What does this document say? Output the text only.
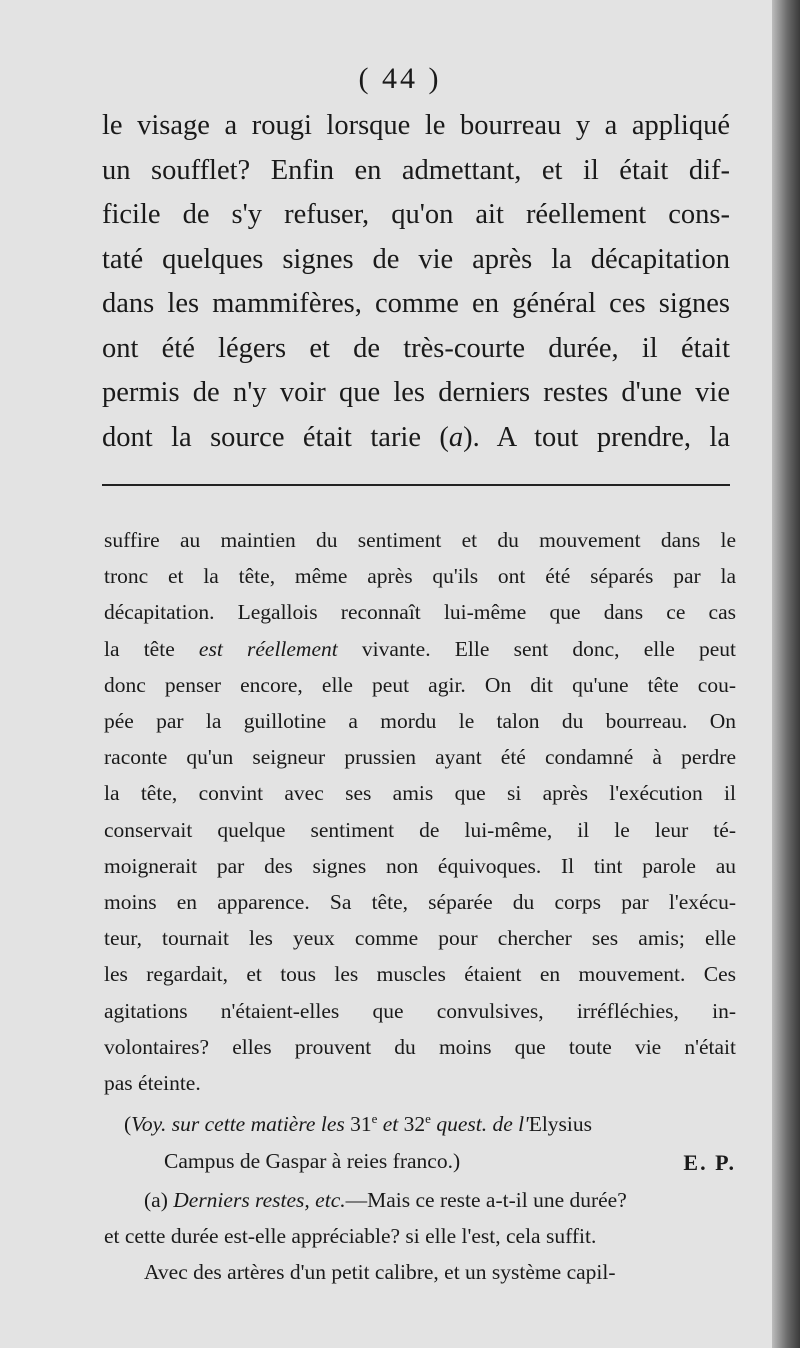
( 44 )
le visage a rougi lorsque le bourreau y a appliqué
un soufflet? Enfin en admettant, et il était dif-
ficile de s'y refuser, qu'on ait réellement cons-
taté quelques signes de vie après la décapitation
dans les mammifères, comme en général ces signes
ont été légers et de très-courte durée, il était
permis de n'y voir que les derniers restes d'une vie
dont la source était tarie (a). A tout prendre, la
suffire au maintien du sentiment et du mouvement dans le
tronc et la tête, même après qu'ils ont été séparés par la
décapitation. Legallois reconnaît lui-même que dans ce cas
la tête est réellement vivante. Elle sent donc, elle peut
donc penser encore, elle peut agir. On dit qu'une tête cou-
pée par la guillotine a mordu le talon du bourreau. On
raconte qu'un seigneur prussien ayant été condamné à perdre
la tête, convint avec ses amis que si après l'exécution il
conservait quelque sentiment de lui-même, il le leur té-
moignerait par des signes non équivoques. Il tint parole au
moins en apparence. Sa tête, séparée du corps par l'exécu-
teur, tournait les yeux comme pour chercher ses amis; elle
les regardait, et tous les muscles étaient en mouvement. Ces
agitations n'étaient-elles que convulsives, irréfléchies, in-
volontaires? elles prouvent du moins que toute vie n'était
pas éteinte.
(Voy. sur cette matière les 31e et 32e quest. de l'Elysius
Campus de Gaspar à reies franco.)	E. P.
(a) Derniers restes, etc.—Mais ce reste a-t-il une durée?
et cette durée est-elle appréciable? si elle l'est, cela suffit.
Avec des artères d'un petit calibre, et un système capil-
